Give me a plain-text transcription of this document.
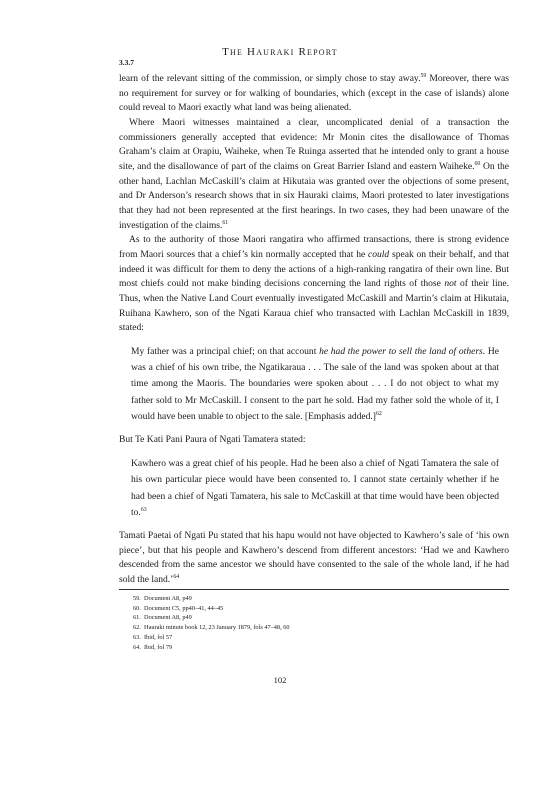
The Hauraki Report
3.3.7

learn of the relevant sitting of the commission, or simply chose to stay away.$^{59}$ Moreover, there was no requirement for survey or for walking of boundaries, which (except in the case of islands) alone could reveal to Maori exactly what land was being alienated.

Where Maori witnesses maintained a clear, uncomplicated denial of a transaction the commissioners generally accepted that evidence: Mr Monin cites the disallowance of Thomas Graham’s claim at Orapiu, Waiheke, when Te Ruinga asserted that he intended only to grant a house site, and the disallowance of part of the claims on Great Barrier Island and eastern Waiheke.$^{60}$ On the other hand, Lachlan McCaskill’s claim at Hikutaia was granted over the objections of some present, and Dr Anderson’s research shows that in six Hauraki claims, Maori protested to later investigations that they had not been represented at the first hearings. In two cases, they had been unaware of the investigation of the claims.$^{61}$

As to the authority of those Maori rangatira who affirmed transactions, there is strong evidence from Maori sources that a chief’s kin normally accepted that he could speak on their behalf, and that indeed it was difficult for them to deny the actions of a high-ranking rangatira of their own line. But most chiefs could not make binding decisions concerning the land rights of those not of their line. Thus, when the Native Land Court eventually investigated McCaskill and Martin’s claim at Hikutaia, Ruihana Kawhero, son of the Ngati Karaua chief who transacted with Lachlan McCaskill in 1839, stated:

My father was a principal chief; on that account he had the power to sell the land of others. He was a chief of his own tribe, the Ngatikaraua . . . The sale of the land was spoken about at that time among the Maoris. The boundaries were spoken about . . . I do not object to what my father sold to Mr McCaskill. I consent to the part he sold. Had my father sold the whole of it, I would have been unable to object to the sale. [Emphasis added.]$^{62}$

But Te Kati Pani Paura of Ngati Tamatera stated:

Kawhero was a great chief of his people. Had he been also a chief of Ngati Tamatera the sale of his own particular piece would have been consented to. I cannot state certainly whether if he had been a chief of Ngati Tamatera, his sale to McCaskill at that time would have been objected to.$^{63}$

Tamati Paetai of Ngati Pu stated that his hapu would not have objected to Kawhero’s sale of ‘his own piece’, but that his people and Kawhero’s descend from different ancestors: ‘Had we and Kawhero descended from the same ancestor we should have consented to the sale of the whole land, if he had sold the land.’$^{64}$

59. Document A8, p49
60. Document C5, pp40–41, 44–45
61. Document A8, p49
62. Hauraki minute book 12, 23 January 1879, fols 47–48, 60
63. Ibid, fol 57
64. Ibid, fol 79
102
